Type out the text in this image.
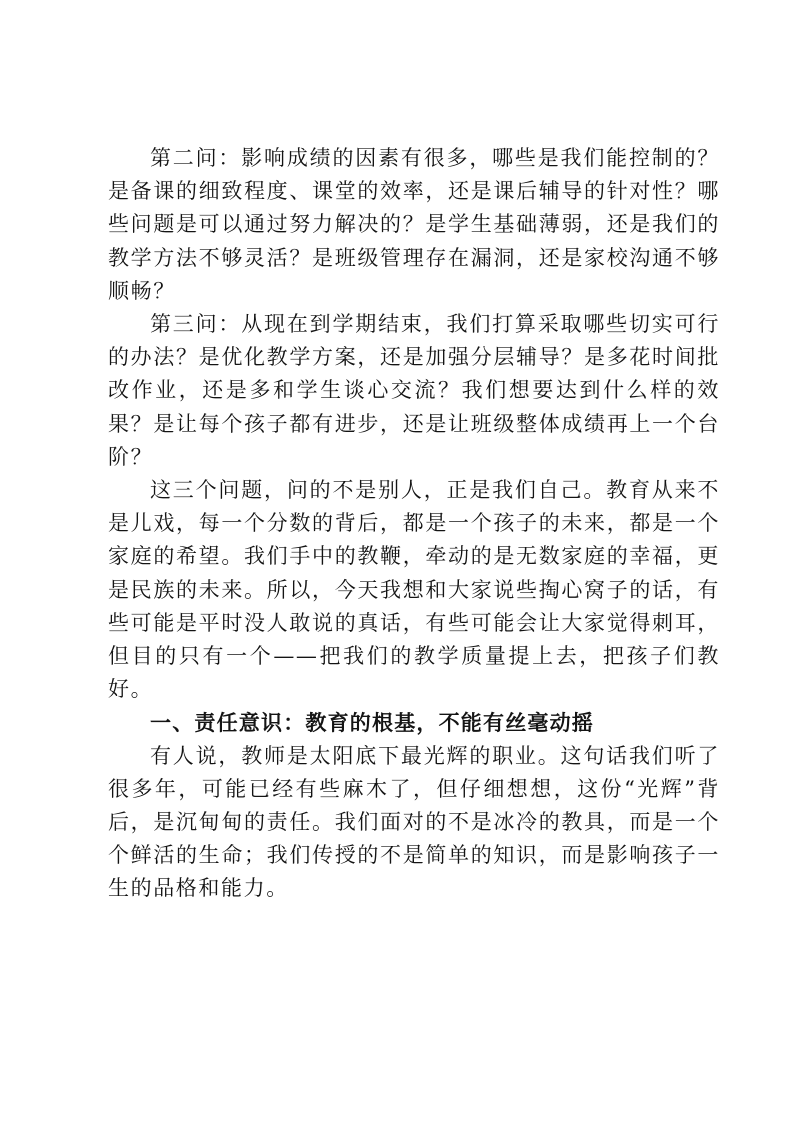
第二问：影响成绩的因素有很多，哪些是我们能控制的？是备课的细致程度、课堂的效率，还是课后辅导的针对性？哪些问题是可以通过努力解决的？是学生基础薄弱，还是我们的教学方法不够灵活？是班级管理存在漏洞，还是家校沟通不够顺畅？

第三问：从现在到学期结束，我们打算采取哪些切实可行的办法？是优化教学方案，还是加强分层辅导？是多花时间批改作业，还是多和学生谈心交流？我们想要达到什么样的效果？是让每个孩子都有进步，还是让班级整体成绩再上一个台阶？

这三个问题，问的不是别人，正是我们自己。教育从来不是儿戏，每一个分数的背后，都是一个孩子的未来，都是一个家庭的希望。我们手中的教鞭，牵动的是无数家庭的幸福，更是民族的未来。所以，今天我想和大家说些掏心窝子的话，有些可能是平时没人敢说的真话，有些可能会让大家觉得刺耳，但目的只有一个——把我们的教学质量提上去，把孩子们教好。

一、责任意识：教育的根基，不能有丝毫动摇

有人说，教师是太阳底下最光辉的职业。这句话我们听了很多年，可能已经有些麻木了，但仔细想想，这份“光辉”背后，是沉甸甸的责任。我们面对的不是冰冷的教具，而是一个个鲜活的生命；我们传授的不是简单的知识，而是影响孩子一生的品格和能力。
